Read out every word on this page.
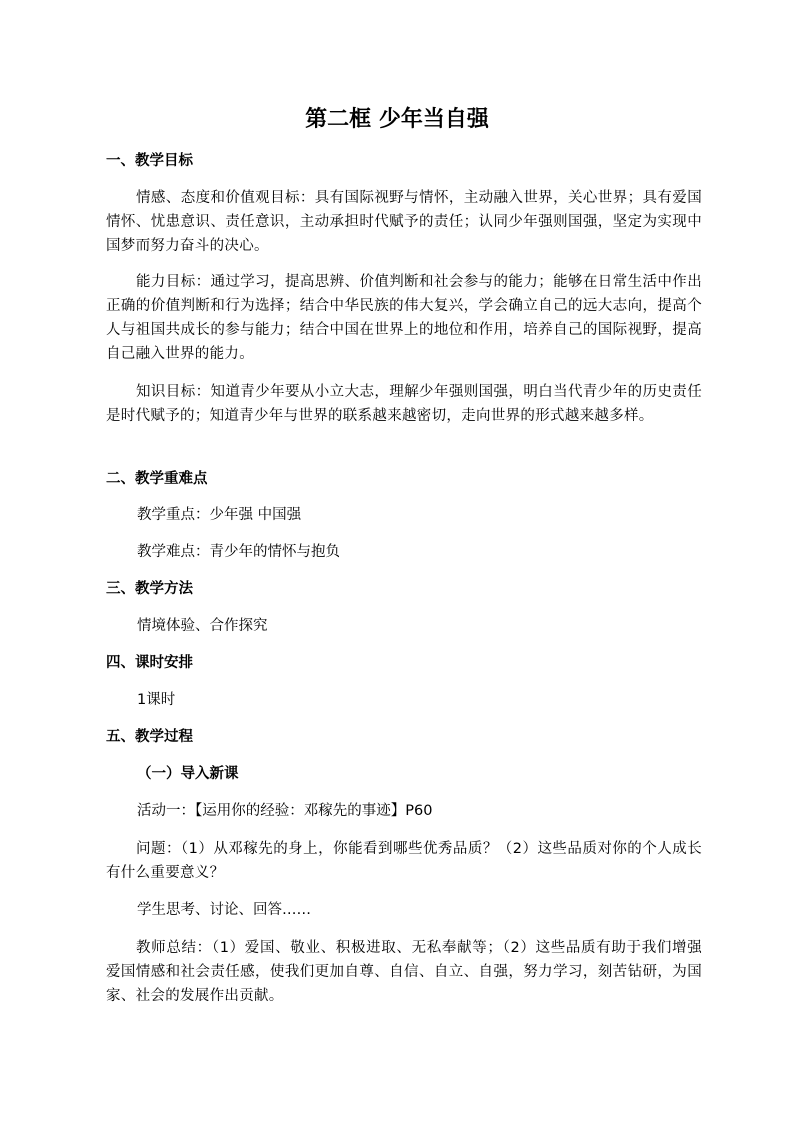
第二框 少年当自强
一、教学目标
情感、态度和价值观目标：具有国际视野与情怀，主动融入世界，关心世界；具有爱国情怀、忧患意识、责任意识，主动承担时代赋予的责任；认同少年强则国强，坚定为实现中国梦而努力奋斗的决心。
能力目标：通过学习，提高思辨、价值判断和社会参与的能力；能够在日常生活中作出正确的价值判断和行为选择；结合中华民族的伟大复兴，学会确立自己的远大志向，提高个人与祖国共成长的参与能力；结合中国在世界上的地位和作用，培养自己的国际视野，提高自己融入世界的能力。
知识目标：知道青少年要从小立大志，理解少年强则国强，明白当代青少年的历史责任是时代赋予的；知道青少年与世界的联系越来越密切，走向世界的形式越来越多样。
二、教学重难点
教学重点：少年强 中国强
教学难点：青少年的情怀与抱负
三、教学方法
情境体验、合作探究
四、课时安排
1课时
五、教学过程
（一）导入新课
活动一：【运用你的经验：邓稼先的事迹】P60
问题：（1）从邓稼先的身上，你能看到哪些优秀品质？（2）这些品质对你的个人成长有什么重要意义？
学生思考、讨论、回答……
教师总结：（1）爱国、敬业、积极进取、无私奉献等；（2）这些品质有助于我们增强爱国情感和社会责任感，使我们更加自尊、自信、自立、自强，努力学习，刻苦钻研，为国家、社会的发展作出贡献。
